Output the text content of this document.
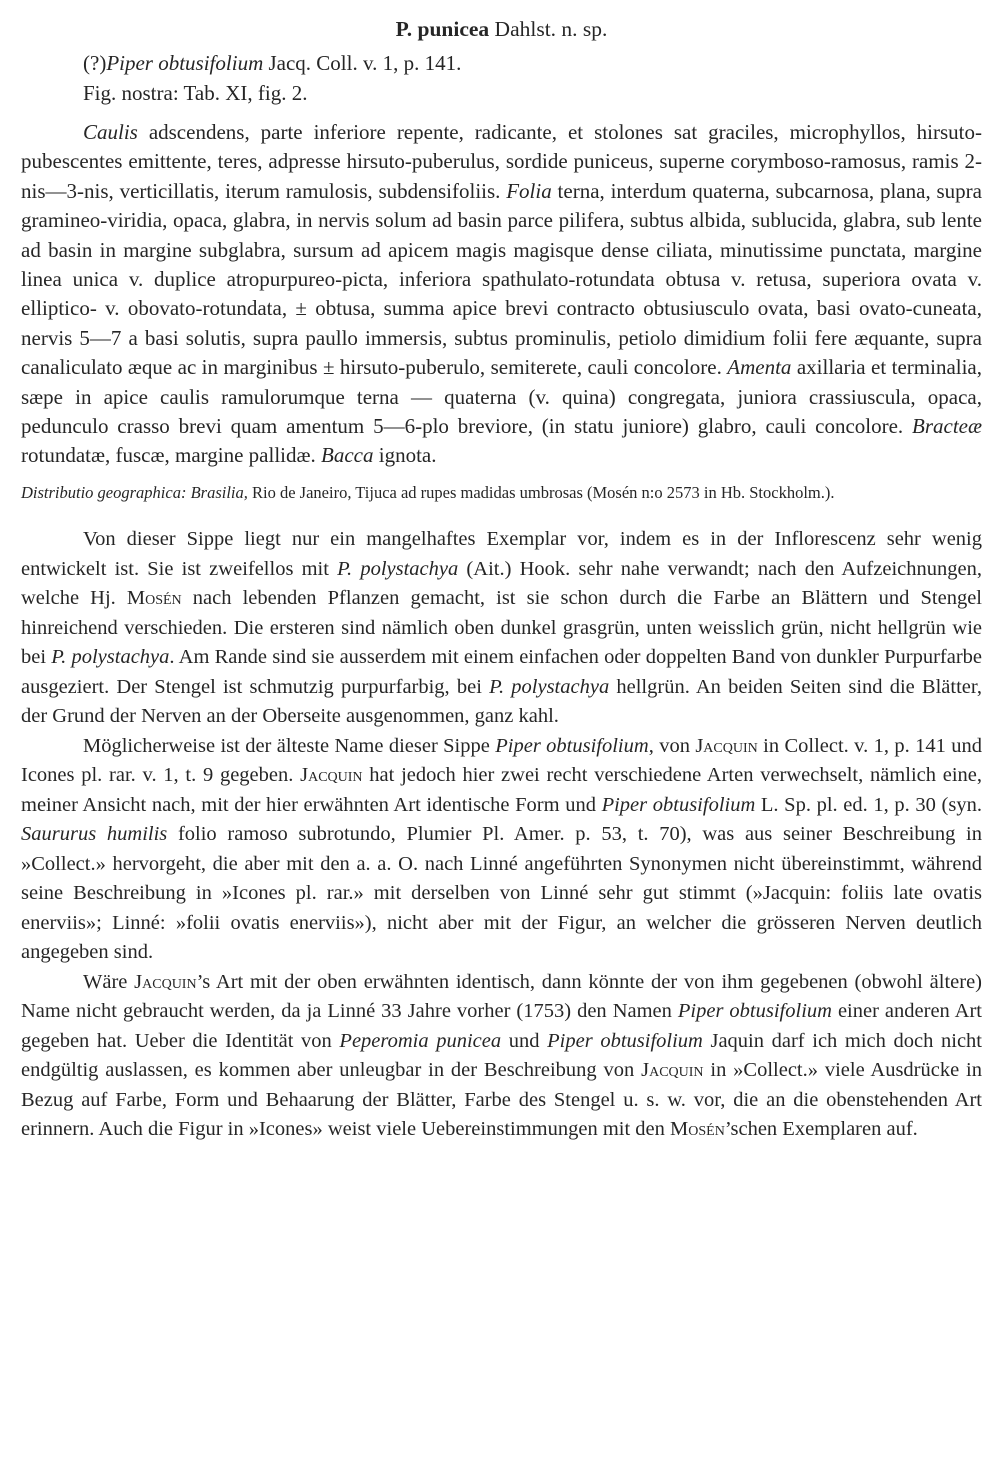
P. punicea Dahlst. n. sp.

(?)Piper obtusifolium Jacq. Coll. v. 1, p. 141.

Fig. nostra: Tab. XI, fig. 2.

Caulis adscendens, parte inferiore repente, radicante, et stolones sat graciles, microphyllos, hirsuto-pubescentes emittente, teres, adpresse hirsuto-puberulus, sordide puniceus, superne corymboso-ramosus, ramis 2-nis—3-nis, verticillatis, iterum ramulosis, subdensifoliis. Folia terna, interdum quaterna, subcarnosa, plana, supra gramineo-viridia, opaca, glabra, in nervis solum ad basin parce pilifera, subtus albida, sublucida, glabra, sub lente ad basin in margine subglabra, sursum ad apicem magis magisque dense ciliata, minutissime punctata, margine linea unica v. duplice atropurpureo-picta, inferiora spathulato-rotundata obtusa v. retusa, superiora ovata v. elliptico- v. obovato-rotundata, ± obtusa, summa apice brevi contracto obtusiusculo ovata, basi ovato-cuneata, nervis 5—7 a basi solutis, supra paullo immersis, subtus prominulis, petiolo dimidium folii fere æquante, supra canaliculato æque ac in marginibus ± hirsuto-puberulo, semiterete, cauli concolore. Amenta axillaria et terminalia, sæpe in apice caulis ramulorumque terna — quaterna (v. quina) congregata, juniora crassiuscula, opaca, pedunculo crasso brevi quam amentum 5—6-plo breviore, (in statu juniore) glabro, cauli concolore. Bracteæ rotundatæ, fuscæ, margine pallidæ. Bacca ignota.

Distributio geographica: Brasilia, Rio de Janeiro, Tijuca ad rupes madidas umbrosas (Mosén n:o 2573 in Hb. Stockholm.).

Von dieser Sippe liegt nur ein mangelhaftes Exemplar vor, indem es in der Inflorescenz sehr wenig entwickelt ist. Sie ist zweifellos mit P. polystachya (Ait.) Hook. sehr nahe verwandt; nach den Aufzeichnungen, welche Hj. Mosén nach lebenden Pflanzen gemacht, ist sie schon durch die Farbe an Blättern und Stengel hinreichend verschieden. Die ersteren sind nämlich oben dunkel grasgrün, unten weisslich grün, nicht hellgrün wie bei P. polystachya. Am Rande sind sie ausserdem mit einem einfachen oder doppelten Band von dunkler Purpurfarbe ausgeziert. Der Stengel ist schmutzig purpurfarbig, bei P. polystachya hellgrün. An beiden Seiten sind die Blätter, der Grund der Nerven an der Oberseite ausgenommen, ganz kahl.

Möglicherweise ist der älteste Name dieser Sippe Piper obtusifolium, von Jacquin in Collect. v. 1, p. 141 und Icones pl. rar. v. 1, t. 9 gegeben. Jacquin hat jedoch hier zwei recht verschiedene Arten verwechselt, nämlich eine, meiner Ansicht nach, mit der hier erwähnten Art identische Form und Piper obtusifolium L. Sp. pl. ed. 1, p. 30 (syn. Saururus humilis folio ramoso subrotundo, Plumier Pl. Amer. p. 53, t. 70), was aus seiner Beschreibung in »Collect.» hervorgeht, die aber mit den a. a. O. nach Linné angeführten Synonymen nicht übereinstimmt, während seine Beschreibung in »Icones pl. rar.» mit derselben von Linné sehr gut stimmt (»Jacquin: foliis late ovatis enerviis»; Linné: »folii ovatis enerviis»), nicht aber mit der Figur, an welcher die grösseren Nerven deutlich angegeben sind.

Wäre Jacquin’s Art mit der oben erwähnten identisch, dann könnte der von ihm gegebenen (obwohl ältere) Name nicht gebraucht werden, da ja Linné 33 Jahre vorher (1753) den Namen Piper obtusifolium einer anderen Art gegeben hat. Ueber die Identität von Peperomia punicea und Piper obtusifolium Jaquin darf ich mich doch nicht endgültig auslassen, es kommen aber unleugbar in der Beschreibung von Jacquin in »Collect.» viele Ausdrücke in Bezug auf Farbe, Form und Behaarung der Blätter, Farbe des Stengel u. s. w. vor, die an die obenstehenden Art erinnern. Auch die Figur in »Icones» weist viele Uebereinstimmungen mit den Mosén’schen Exemplaren auf.
